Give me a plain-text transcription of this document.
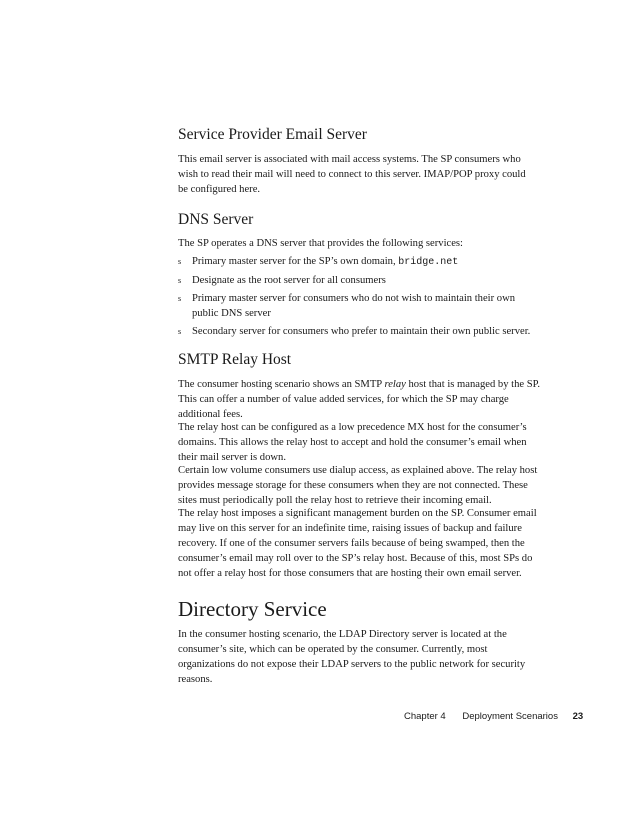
Service Provider Email Server

This email server is associated with mail access systems. The SP consumers who
wish to read their mail will need to connect to this server. IMAP/POP proxy could
be configured here.

DNS Server

The SP operates a DNS server that provides the following services:

s Primary master server for the SP’s own domain, bridge.net
s Designate as the root server for all consumers
s Primary master server for consumers who do not wish to maintain their own
public DNS server
s Secondary server for consumers who prefer to maintain their own public server.
SMTP Relay Host

The consumer hosting scenario shows an SMTP relay host that is managed by the SP.
This can offer a number of value added services, for which the SP may charge
additional fees.

The relay host can be configured as a low precedence MX host for the consumer’s
domains. This allows the relay host to accept and hold the consumer’s email when
their mail server is down.

Certain low volume consumers use dialup access, as explained above. The relay host
provides message storage for these consumers when they are not connected. These
sites must periodically poll the relay host to retrieve their incoming email.

The relay host imposes a significant management burden on the SP. Consumer email
may live on this server for an indefinite time, raising issues of backup and failure
recovery. If one of the consumer servers fails because of being swamped, then the
consumer’s email may roll over to the SP’s relay host. Because of this, most SPs do
not offer a relay host for those consumers that are hosting their own email server.

Directory Service

In the consumer hosting scenario, the LDAP Directory server is located at the
consumer’s site, which can be operated by the consumer. Currently, most
organizations do not expose their LDAP servers to the public network for security
reasons.

Chapter 4 Deployment Scenarios 23
